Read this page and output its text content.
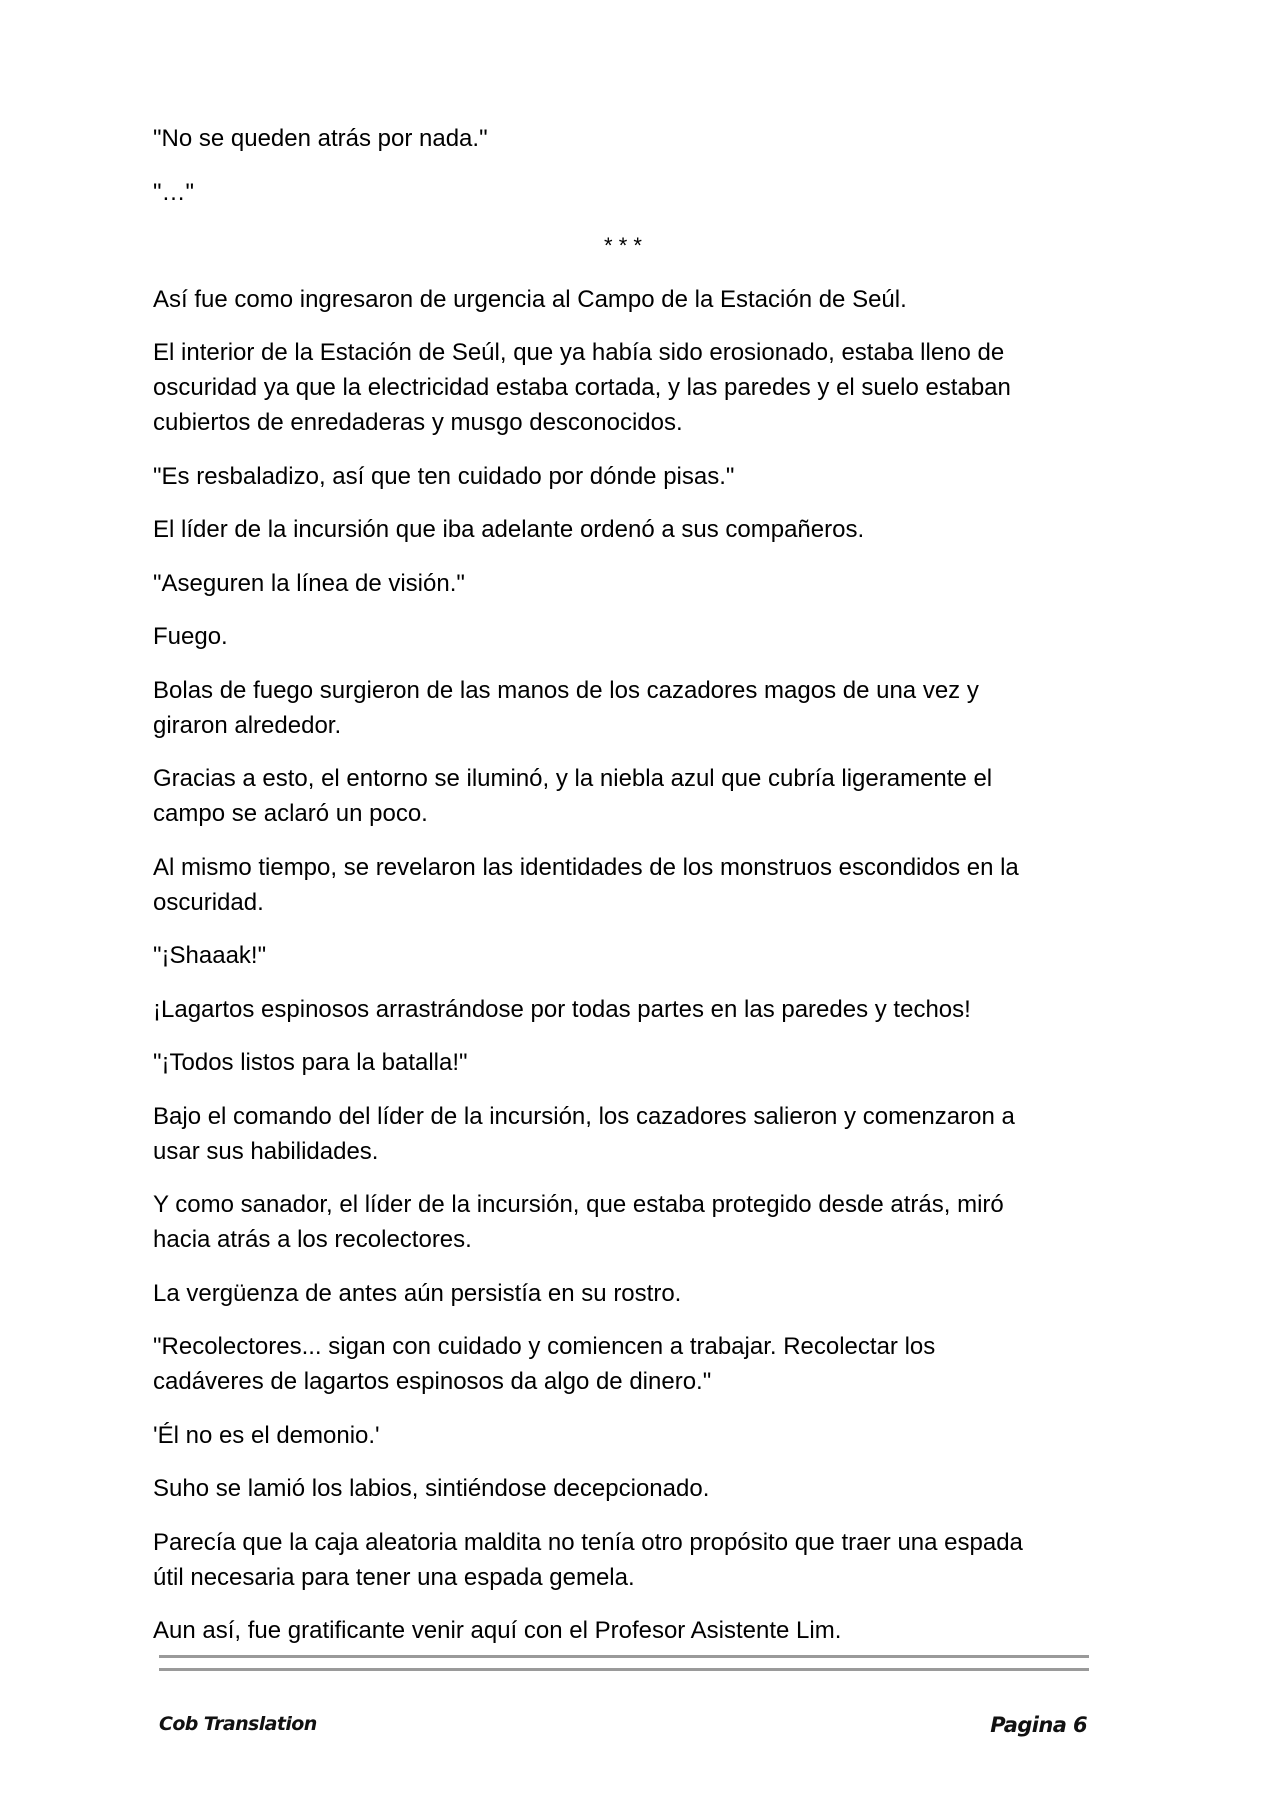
"No se queden atrás por nada."

"…"

* * *

Así fue como ingresaron de urgencia al Campo de la Estación de Seúl.

El interior de la Estación de Seúl, que ya había sido erosionado, estaba lleno de
oscuridad ya que la electricidad estaba cortada, y las paredes y el suelo estaban
cubiertos de enredaderas y musgo desconocidos.

"Es resbaladizo, así que ten cuidado por dónde pisas."

El líder de la incursión que iba adelante ordenó a sus compañeros.

"Aseguren la línea de visión."

Fuego.

Bolas de fuego surgieron de las manos de los cazadores magos de una vez y
giraron alrededor.

Gracias a esto, el entorno se iluminó, y la niebla azul que cubría ligeramente el
campo se aclaró un poco.

Al mismo tiempo, se revelaron las identidades de los monstruos escondidos en la
oscuridad.

"¡Shaaak!"

¡Lagartos espinosos arrastrándose por todas partes en las paredes y techos!

"¡Todos listos para la batalla!"

Bajo el comando del líder de la incursión, los cazadores salieron y comenzaron a
usar sus habilidades.

Y como sanador, el líder de la incursión, que estaba protegido desde atrás, miró
hacia atrás a los recolectores.

La vergüenza de antes aún persistía en su rostro.

"Recolectores... sigan con cuidado y comiencen a trabajar. Recolectar los
cadáveres de lagartos espinosos da algo de dinero."

'Él no es el demonio.'

Suho se lamió los labios, sintiéndose decepcionado.

Parecía que la caja aleatoria maldita no tenía otro propósito que traer una espada
útil necesaria para tener una espada gemela.

Aun así, fue gratificante venir aquí con el Profesor Asistente Lim.

Cob Translation	Pagina 6
